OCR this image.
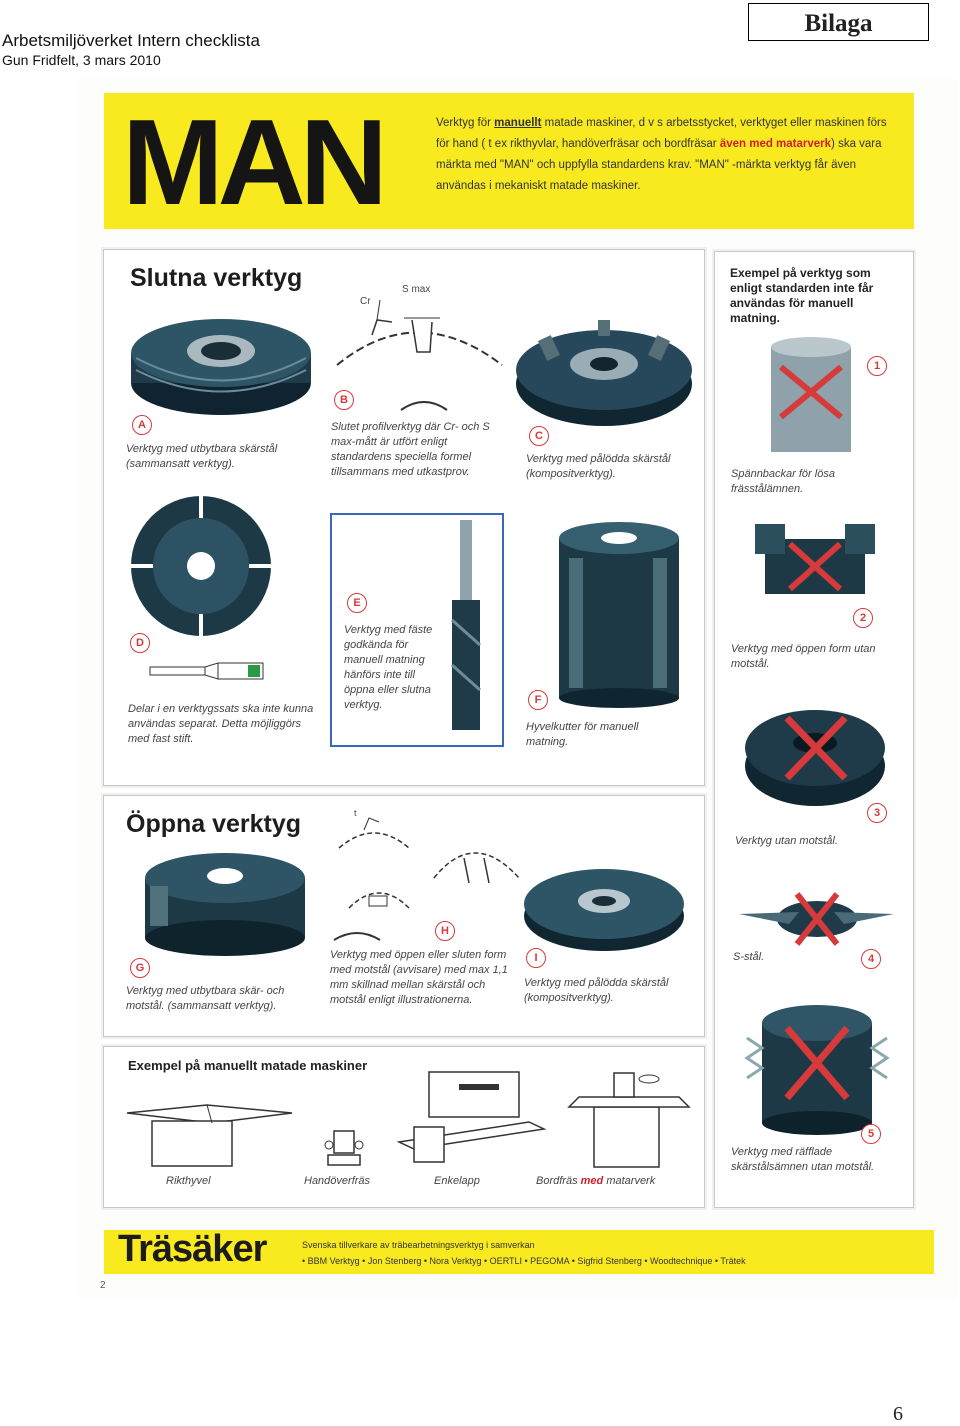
Arbetsmiljöverket Intern checklista
Gun Fridfelt, 3 mars 2010
Bilaga
MAN	Verktyg för manuellt matade maskiner, d v s arbetsstycket, verktyget eller maskinen förs för hand ( t ex rikthyvlar, handöverfräsar och bordfräsar även med matarverk) ska vara märkta med "MAN" och uppfylla standardens krav. "MAN" -märkta verktyg får även användas i mekaniskt matade maskiner.
Slutna verktyg
A
Verktyg med utbytbara skärstål (sammansatt verktyg).
Cr
S max
B
Slutet profilverktyg där Cr- och S max-mått är utfört enligt standardens speciella formel tillsammans med utkastprov.
C
Verktyg med pålödda skärstål (kompositverktyg).
D
Delar i en verktygssats ska inte kunna användas separat. Detta möjliggörs med fast stift.
E
Verktyg med fäste godkända för manuell matning hänförs inte till öppna eller slutna verktyg.	F
Hyvelkutter för manuell matning.
Exempel på verktyg som enligt standarden inte får användas för manuell matning.
1
Spännbackar för lösa frässtålämnen.
2
Verktyg med öppen form utan motstål.
3
Verktyg utan motstål.
S-stål.	4
5
Verktyg med räfflade skärstålsämnen utan motstål.
Öppna verktyg
G
Verktyg med utbytbara skär- och motstål. (sammansatt verktyg).
t
H
Verktyg med öppen eller sluten form med motstål (avvisare) med max 1,1 mm skillnad mellan skärstål och motstål enligt illustrationerna.
I
Verktyg med pålödda skärstål (kompositverktyg).
Exempel på manuellt matade maskiner
Rikthyvel	Handöverfräs	Enkelapp	Bordfräs med matarverk
Träsäker	Svenska tillverkare av träbearbetningsverktyg i samverkan
• BBM Verktyg • Jon Stenberg • Nora Verktyg • OERTLI • PEGOMA • Sigfrid Stenberg • Woodtechnique • Trätek
2
6
